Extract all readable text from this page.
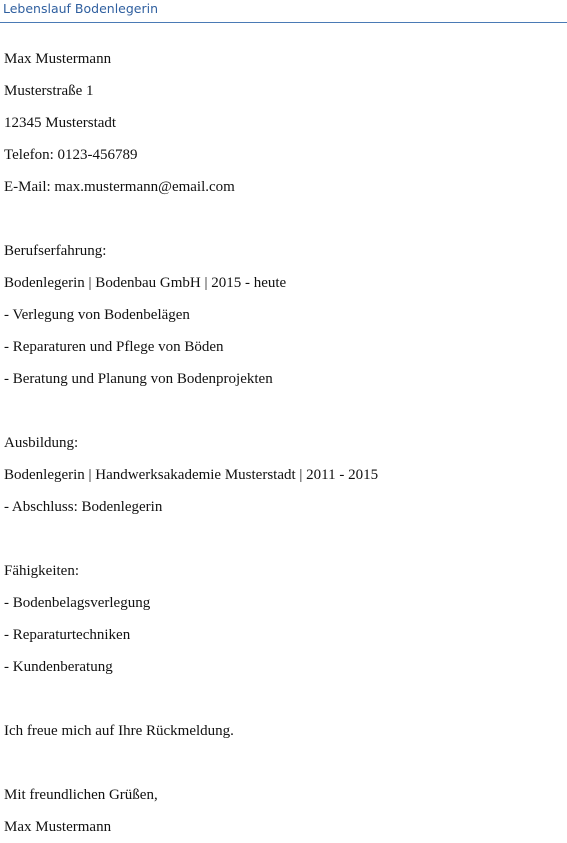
Lebenslauf Bodenlegerin
Max Mustermann
Musterstraße 1
12345 Musterstadt
Telefon: 0123-456789
E-Mail: max.mustermann@email.com
Berufserfahrung:
Bodenlegerin | Bodenbau GmbH | 2015 - heute
- Verlegung von Bodenbelägen
- Reparaturen und Pflege von Böden
- Beratung und Planung von Bodenprojekten
Ausbildung:
Bodenlegerin | Handwerksakademie Musterstadt | 2011 - 2015
- Abschluss: Bodenlegerin
Fähigkeiten:
- Bodenbelagsverlegung
- Reparaturtechniken
- Kundenberatung
Ich freue mich auf Ihre Rückmeldung.
Mit freundlichen Grüßen,
Max Mustermann
